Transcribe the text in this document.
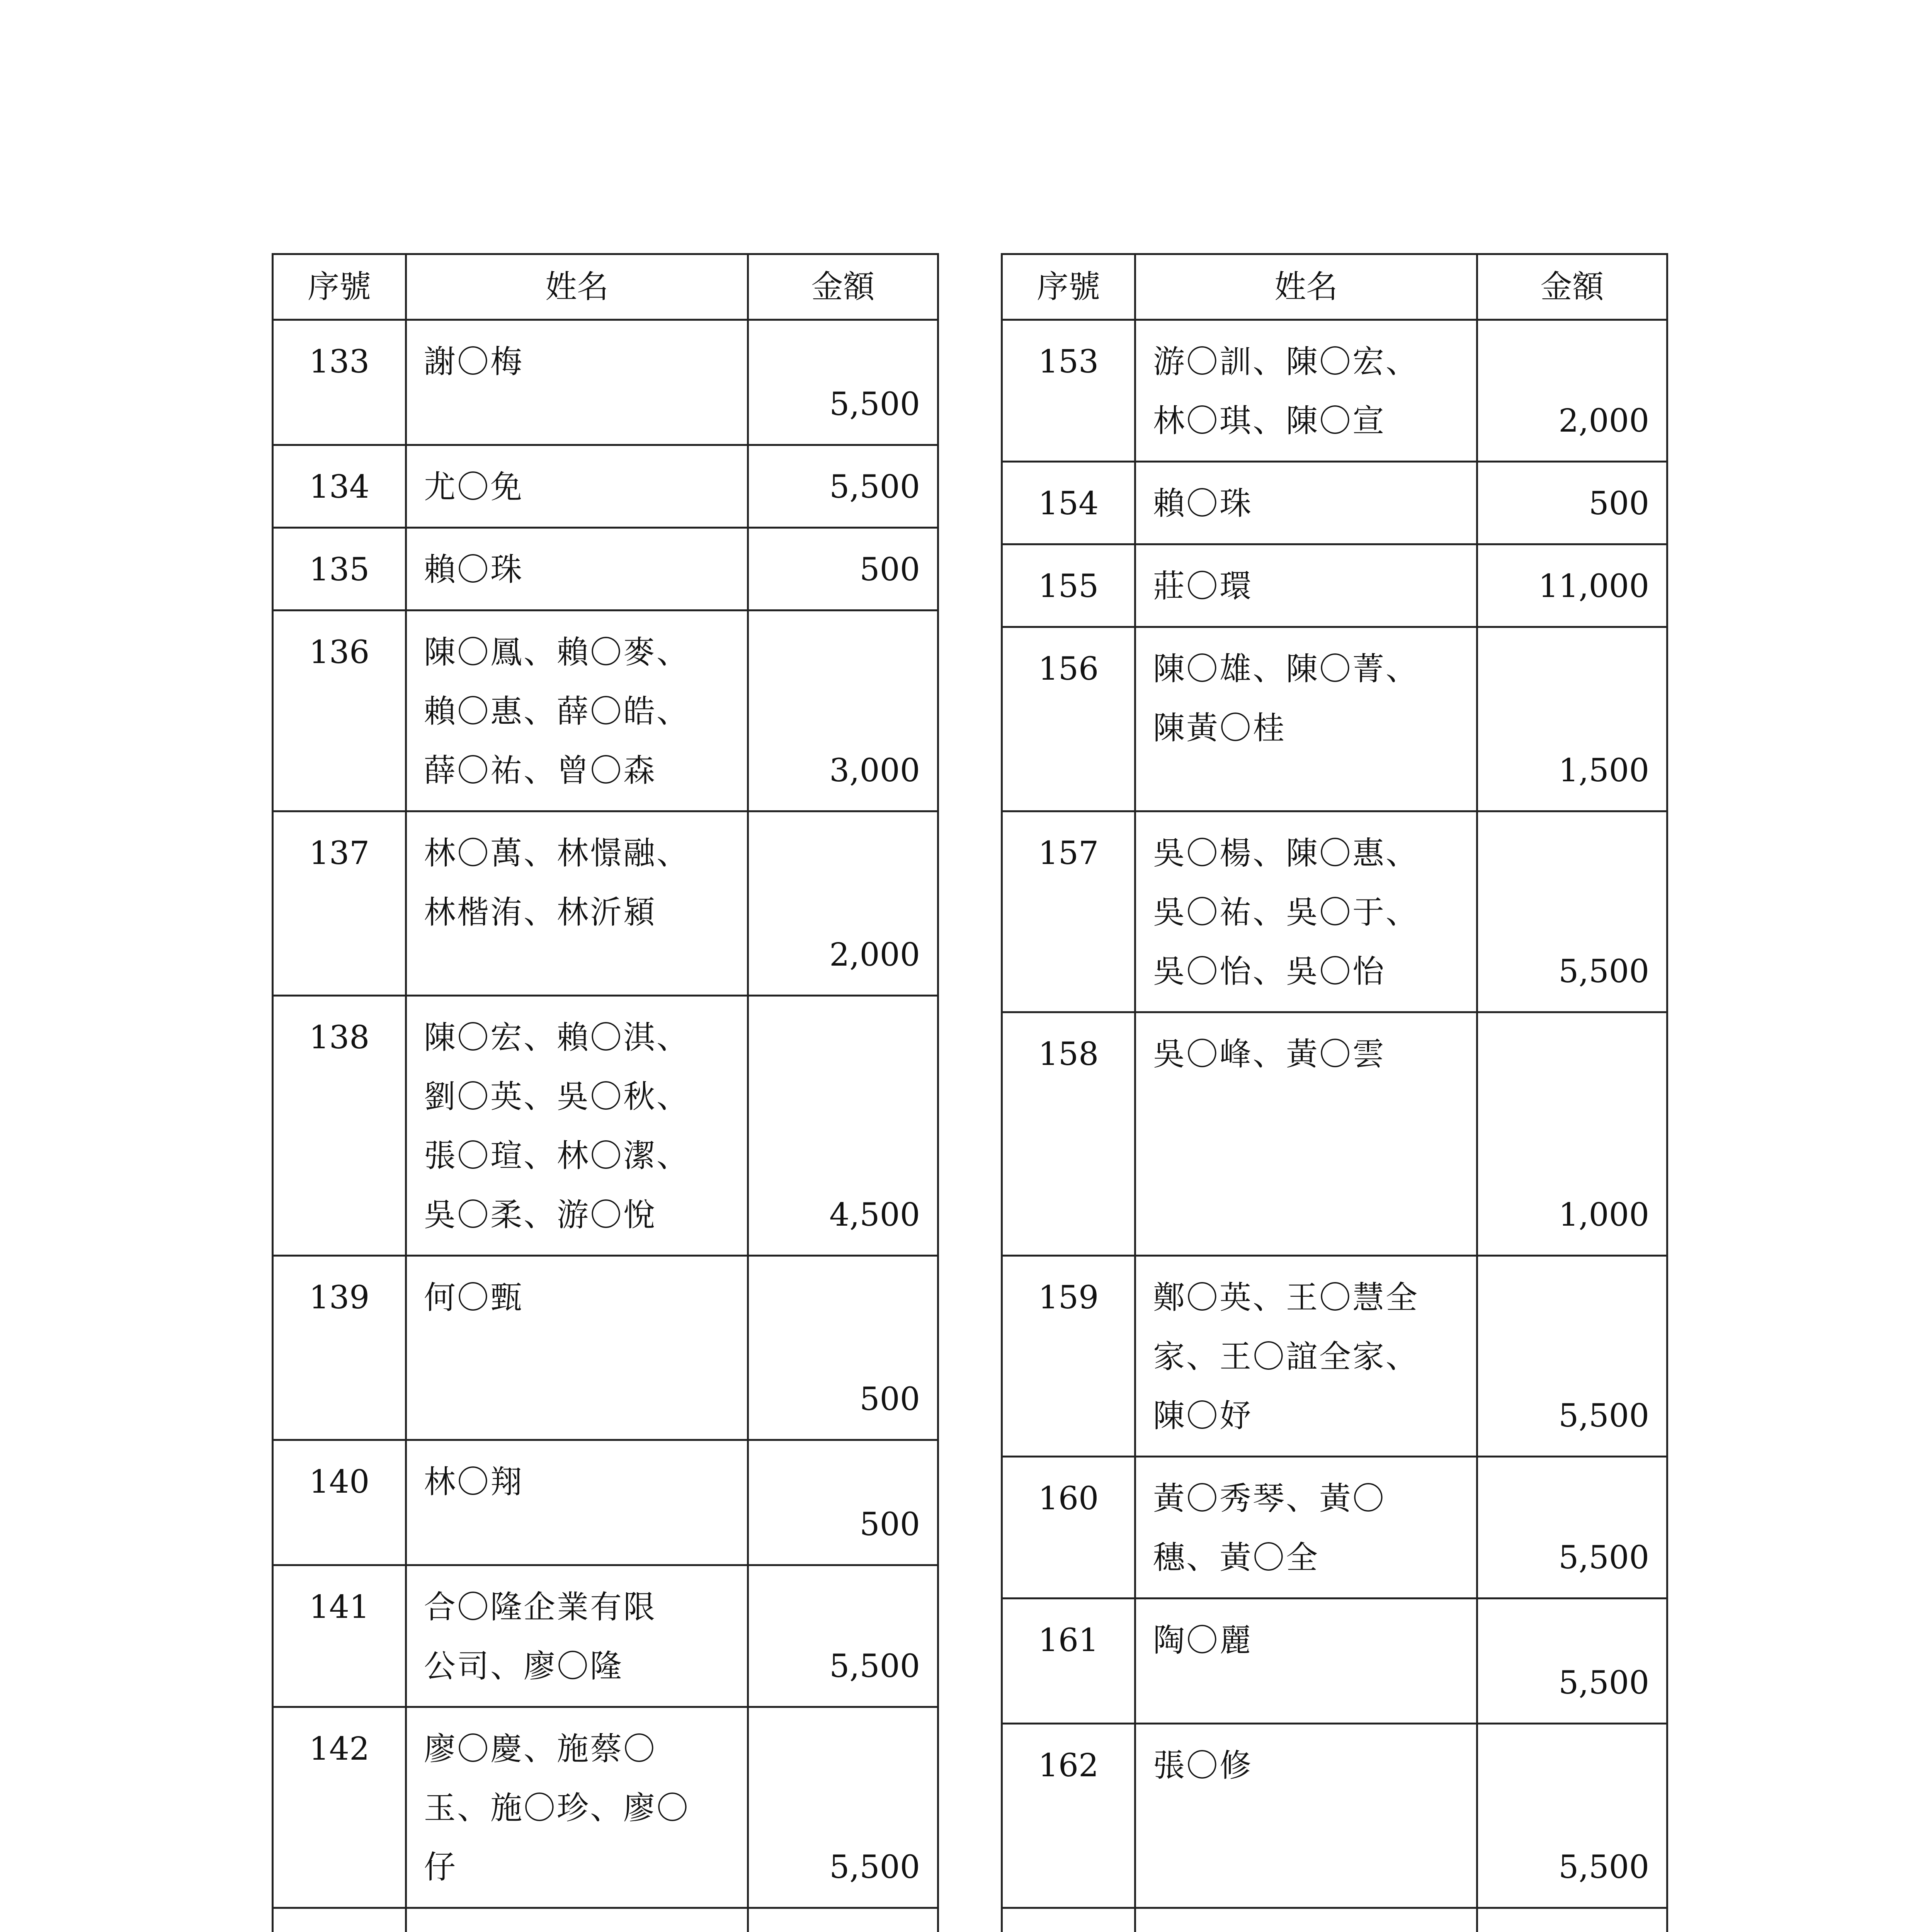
序號	姓名	金額
133	謝〇梅	5,500
134	尤〇免	5,500
135	賴〇珠	500
136	陳〇鳳、賴〇麥、
賴〇惠、薛〇皓、
薛〇祐、曾〇森	3,000
137	林〇萬、林憬融、
林楷洧、林沂潁	2,000
138	陳〇宏、賴〇淇、
劉〇英、吳〇秋、
張〇瑄、林〇潔、
吳〇柔、游〇悅	4,500
139	何〇甄	500
140	林〇翔	500
141	合〇隆企業有限
公司、廖〇隆	5,500
142	廖〇慶、施蔡〇
玉、施〇珍、廖〇
仔	5,500

序號	姓名	金額
153	游〇訓、陳〇宏、
林〇琪、陳〇宣	2,000
154	賴〇珠	500
155	莊〇環	11,000
156	陳〇雄、陳〇菁、
陳黃〇桂	1,500
157	吳〇楊、陳〇惠、
吳〇祐、吳〇于、
吳〇怡、吳〇怡	5,500
158	吳〇峰、黃〇雲	1,000
159	鄭〇英、王〇慧全
家、王〇誼全家、
陳〇妤	5,500
160	黃〇秀琴、黃〇
穗、黃〇全	5,500
161	陶〇麗	5,500
162	張〇修	5,500
